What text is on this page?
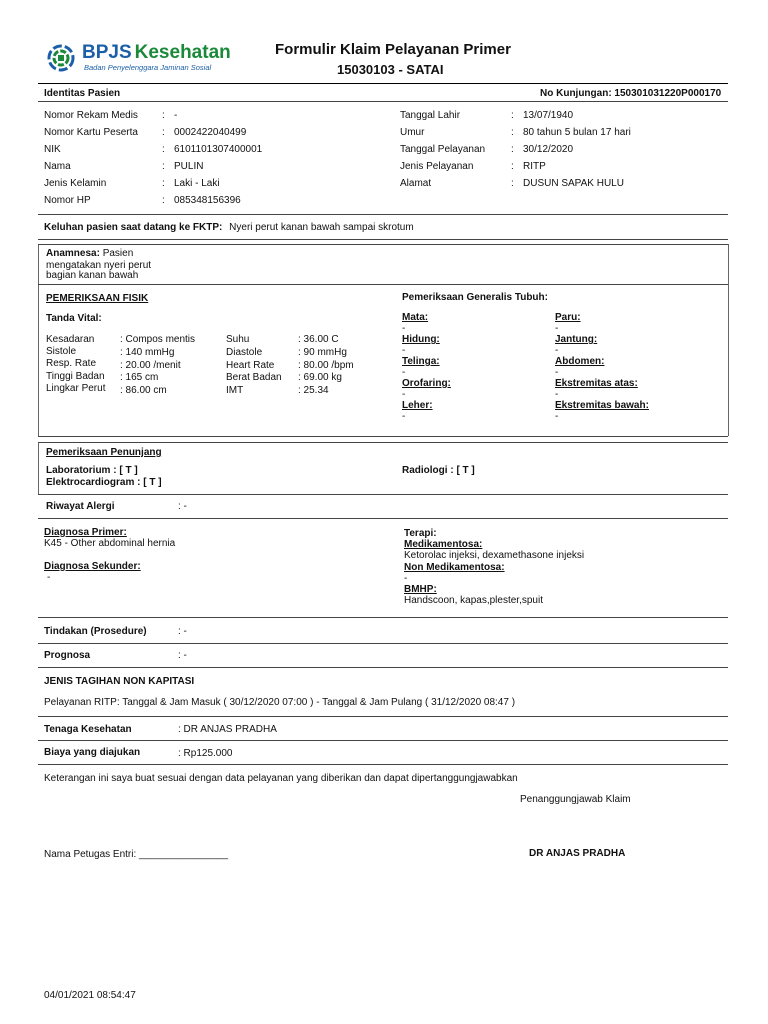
BPJS Kesehatan
Badan Penyelenggara Jaminan Sosial
Formulir Klaim Pelayanan Primer
15030103 - SATAI
Identitas Pasien	No Kunjungan: 150301031220P000170
Nomor Rekam Medis : -
Nomor Kartu Peserta : 0002422040499
NIK	: 6101101307400001
Nama	: PULIN
Jenis Kelamin	: Laki - Laki
Nomor HP	: 085348156396
Tanggal Lahir	: 13/07/1940
Umur	: 80 tahun 5 bulan 17 hari
Tanggal Pelayanan	: 30/12/2020
Jenis Pelayanan	: RITP
Alamat	: DUSUN SAPAK HULU
Keluhan pasien saat datang ke FKTP: Nyeri perut kanan bawah sampai skrotum
Anamnesa: Pasien
mengatakan nyeri perut
bagian kanan bawah
PEMERIKSAAN FISIK
Tanda Vital:
Kesadaran	: Compos mentis
Sistole	: 140 mmHg
Resp. Rate : 20.00 /menit
Tinggi Badan : 165 cm
Lingkar Perut : 86.00 cm
Suhu	: 36.00 C
Diastole	: 90 mmHg
Heart Rate : 80.00 /bpm
Berat Badan : 69.00 kg
IMT	: 25.34
Pemeriksaan Generalis Tubuh:
Mata:
-
Hidung:
-
Telinga:
-
Orofaring:
-
Leher:
-
Paru:
-
Jantung:
-
Abdomen:
-
Ekstremitas atas:
-
Ekstremitas bawah:
-
Pemeriksaan Penunjang
Laboratorium : [ T ]
Elektrocardiogram : [ T ]
Radiologi : [ T ]
Riwayat Alergi	: -
Diagnosa Primer:
K45 - Other abdominal hernia
Diagnosa Sekunder:
-
Terapi:
Medikamentosa:
Ketorolac injeksi, dexamethasone injeksi
Non Medikamentosa:
-
BMHP:
Handscoon, kapas,plester,spuit
Tindakan (Prosedure)	: -
Prognosa	: -
JENIS TAGIHAN NON KAPITASI
Pelayanan RITP: Tanggal & Jam Masuk ( 30/12/2020 07:00 ) - Tanggal & Jam Pulang ( 31/12/2020 08:47 )
Tenaga Kesehatan	: DR ANJAS PRADHA
Biaya yang diajukan	: Rp125.000
Keterangan ini saya buat sesuai dengan data pelayanan yang diberikan dan dapat dipertanggungjawabkan
Penanggungjawab Klaim
Nama Petugas Entri: ________________	DR ANJAS PRADHA
04/01/2021 08:54:47
